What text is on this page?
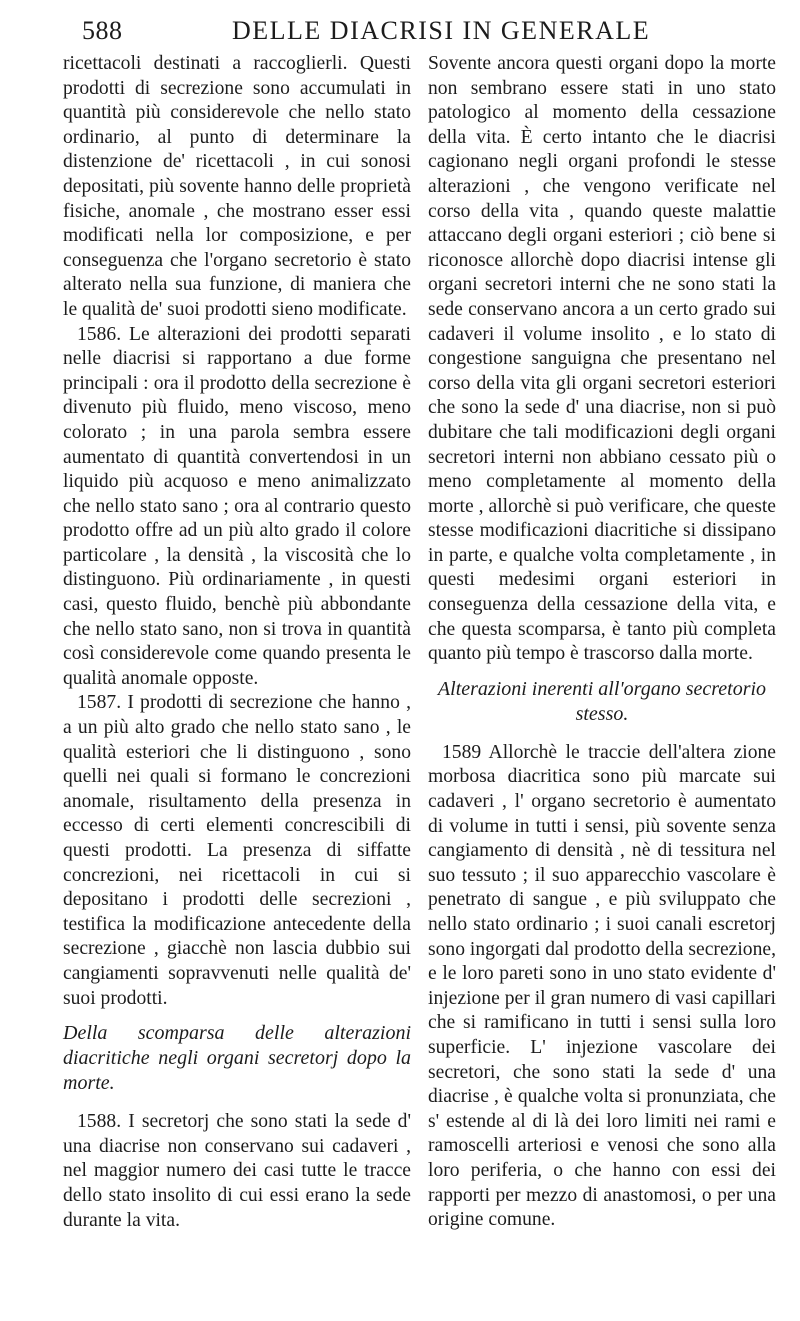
588	DELLE DIACRISI IN GENERALE

ricettacoli destinati a raccoglierli. Questi prodotti di secrezione sono accumulati in quantità più considerevole che nello stato ordinario, al punto di determinare la distenzione de' ricettacoli , in cui sonosi depositati, più sovente hanno delle proprietà fisiche, anomale , che mostrano esser essi modificati nella lor composizione, e per conseguenza che l'organo secretorio è stato alterato nella sua funzione, di maniera che le qualità de' suoi prodotti sieno modificate.

1586. Le alterazioni dei prodotti separati nelle diacrisi si rapportano a due forme principali : ora il prodotto della secrezione è divenuto più fluido, meno viscoso, meno colorato ; in una parola sembra essere aumentato di quantità convertendosi in un liquido più acquoso e meno animalizzato che nello stato sano ; ora al contrario questo prodotto offre ad un più alto grado il colore particolare , la densità , la viscosità che lo distinguono. Più ordinariamente , in questi casi, questo fluido, benchè più abbondante che nello stato sano, non si trova in quantità così considerevole come quando presenta le qualità anomale opposte.

1587. I prodotti di secrezione che hanno , a un più alto grado che nello stato sano , le qualità esteriori che li distinguono , sono quelli nei quali si formano le concrezioni anomale, risultamento della presenza in eccesso di certi elementi concrescibili di questi prodotti. La presenza di siffatte concrezioni, nei ricettacoli in cui si depositano i prodotti delle secrezioni , testifica la modificazione antecedente della secrezione , giacchè non lascia dubbio sui cangiamenti sopravvenuti nelle qualità de' suoi prodotti.

Della scomparsa delle alterazioni diacritiche negli organi secretorj dopo la morte.

1588. I secretorj che sono stati la sede d' una diacrise non conservano sui cadaveri , nel maggior numero dei casi tutte le tracce dello stato insolito di cui essi erano la sede durante la vita.

Sovente ancora questi organi dopo la morte non sembrano essere stati in uno stato patologico al momento della cessazione della vita. È certo intanto che le diacrisi cagionano negli organi profondi le stesse alterazioni , che vengono verificate nel corso della vita , quando queste malattie attaccano degli organi esteriori ; ciò bene si riconosce allorchè dopo diacrisi intense gli organi secretori interni che ne sono stati la sede conservano ancora a un certo grado sui cadaveri il volume insolito , e lo stato di congestione sanguigna che presentano nel corso della vita gli organi secretori esteriori che sono la sede d' una diacrise, non si può dubitare che tali modificazioni degli organi secretori interni non abbiano cessato più o meno completamente al momento della morte , allorchè si può verificare, che queste stesse modificazioni diacritiche si dissipano in parte, e qualche volta completamente , in questi medesimi organi esteriori in conseguenza della cessazione della vita, e che questa scomparsa, è tanto più completa quanto più tempo è trascorso dalla morte.

Alterazioni inerenti all'organo secretorio stesso.

1589 Allorchè le traccie dell'altera zione morbosa diacritica sono più marcate sui cadaveri , l' organo secretorio è aumentato di volume in tutti i sensi, più sovente senza cangiamento di densità , nè di tessitura nel suo tessuto ; il suo apparecchio vascolare è penetrato di sangue , e più sviluppato che nello stato ordinario ; i suoi canali escretorj sono ingorgati dal prodotto della secrezione, e le loro pareti sono in uno stato evidente d' injezione per il gran numero di vasi capillari che si ramificano in tutti i sensi sulla loro superficie. L' injezione vascolare dei secretori, che sono stati la sede d' una diacrise , è qualche volta si pronunziata, che s' estende al di là dei loro limiti nei rami e ramoscelli arteriosi e venosi che sono alla loro periferia, o che hanno con essi dei rapporti per mezzo di anastomosi, o per una origine comune.
